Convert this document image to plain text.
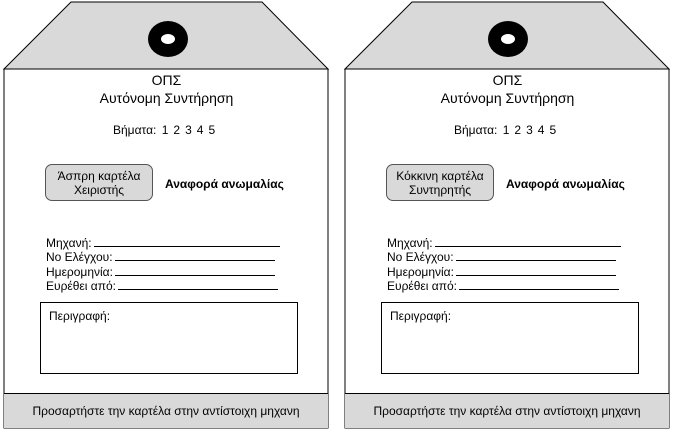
ΟΠΣ
Αυτόνομη Συντήρηση
Βήματα: 1 2 3 4 5
Άσπρη καρτέλα
Χειριστής	Αναφορά ανωμαλίας
Μηχανή:
Νο Ελέγχου:
Ημερομηνία:
Ευρέθει από:
Περιγραφή:
Προσαρτήστε την καρτέλα στην αντίστοιχη μηχανη
ΟΠΣ
Αυτόνομη Συντήρηση
Βήματα: 1 2 3 4 5
Κόκκινη καρτέλα
Συντηρητής	Αναφορά ανωμαλίας
Μηχανή:
Νο Ελέγχου:
Ημερομηνία:
Ευρέθει από:
Περιγραφή:
Προσαρτήστε την καρτέλα στην αντίστοιχη μηχανη
